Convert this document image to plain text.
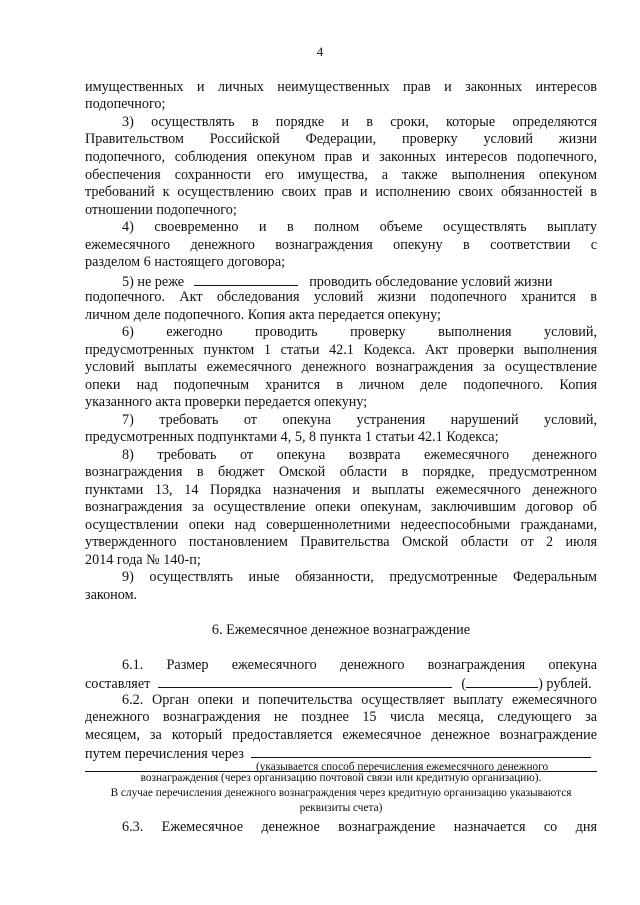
4
имущественных и личных неимущественных прав и законных интересов
подопечного;
3) осуществлять в порядке и в сроки, которые определяются
Правительством Российской Федерации, проверку условий жизни
подопечного, соблюдения опекуном прав и законных интересов подопечного,
обеспечения сохранности его имущества, а также выполнения опекуном
требований к осуществлению своих прав и исполнению своих обязанностей в
отношении подопечного;
4) своевременно и в полном объеме осуществлять выплату
ежемесячного денежного вознаграждения опекуну в соответствии с
разделом 6 настоящего договора;
5) не реже	проводить обследование условий жизни
подопечного. Акт обследования условий жизни подопечного хранится в
личном деле подопечного. Копия акта передается опекуну;
6) ежегодно проводить проверку выполнения условий,
предусмотренных пунктом 1 статьи 42.1 Кодекса. Акт проверки выполнения
условий выплаты ежемесячного денежного вознаграждения за осуществление
опеки над подопечным хранится в личном деле подопечного. Копия
указанного акта проверки передается опекуну;
7) требовать от опекуна устранения нарушений условий,
предусмотренных подпунктами 4, 5, 8 пункта 1 статьи 42.1 Кодекса;
8) требовать от опекуна возврата ежемесячного денежного
вознаграждения в бюджет Омской области в порядке, предусмотренном
пунктами 13, 14 Порядка назначения и выплаты ежемесячного денежного
вознаграждения за осуществление опеки опекунам, заключившим договор об
осуществлении опеки над совершеннолетними недееспособными гражданами,
утвержденного постановлением Правительства Омской области от 2 июля
2014 года № 140-п;
9) осуществлять иные обязанности, предусмотренные Федеральным
законом.
6. Ежемесячное денежное вознаграждение
6.1. Размер ежемесячного денежного вознаграждения опекуна
составляет	(	) рублей.
6.2. Орган опеки и попечительства осуществляет выплату ежемесячного
денежного вознаграждения не позднее 15 числа месяца, следующего за
месяцем, за который предоставляется ежемесячное денежное вознаграждение
путем перечисления через
(указывается способ перечисления ежемесячного денежного
вознаграждения (через организацию почтовой связи или кредитную организацию).
В случае перечисления денежного вознаграждения через кредитную организацию указываются
реквизиты счета)
6.3. Ежемесячное денежное вознаграждение назначается со дня
